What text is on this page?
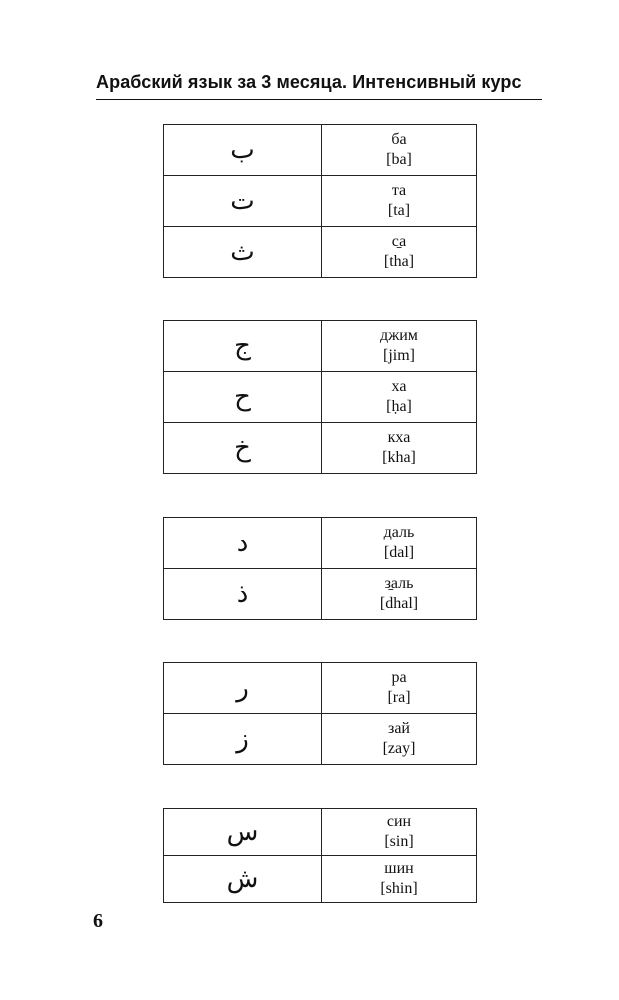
Арабский язык за 3 месяца. Интенсивный курс
ب	ба
[ba]

ت	та
[ta]

ث	с̱а
[tha]
ج	джим
[jim]

ح	ха
[ḥa]

خ	кха
[kha]
د	даль
[dal]

ذ	з̱аль
[dhal]
ر	ра
[ra]

ز	зай
[zay]
س	син
[sin]

ش	шин
[shin]
6
